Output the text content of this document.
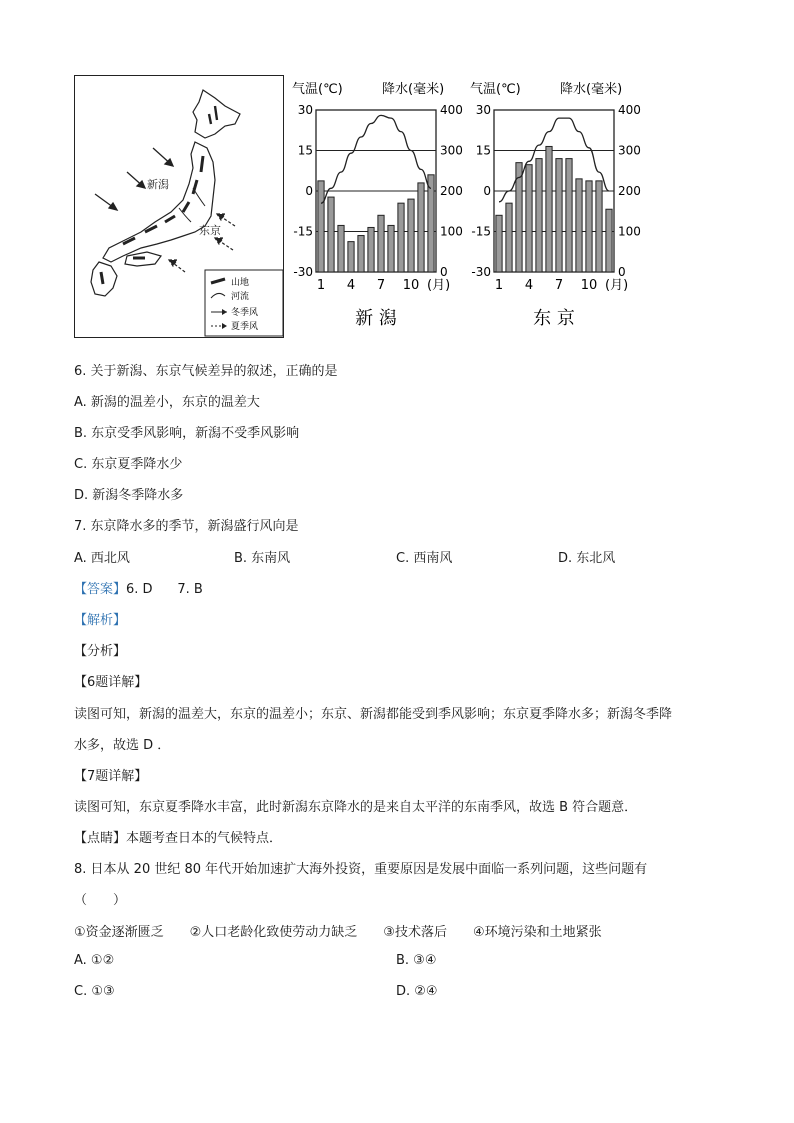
新潟
东京
山地
河流
冬季风
夏季风
气温(℃)	降水(毫米)
30
15
0
-15
-30
400
300
200
100
0
1 4 7 10 (月)
新 潟
气温(℃)	降水(毫米)
30
15
0
-15
-30
400
300
200
100
0
1 4 7 10 (月)
东 京
6. 关于新潟、东京气候差异的叙述，正确的是
A. 新潟的温差小，东京的温差大
B. 东京受季风影响，新潟不受季风影响
C. 东京夏季降水少
D. 新潟冬季降水多
7. 东京降水多的季节，新潟盛行风向是
A. 西北风	B. 东南风	C. 西南风	D. 东北风
【答案】6. D      7. B
【解析】
【分析】
【6题详解】
读图可知，新潟的温差大，东京的温差小；东京、新潟都能受到季风影响；东京夏季降水多；新潟冬季降
水多，故选 D ．
【7题详解】
读图可知，东京夏季降水丰富，此时新潟东京降水的是来自太平洋的东南季风，故选 B 符合题意．
【点睛】本题考查日本的气候特点．
8. 日本从 20 世纪 80 年代开始加速扩大海外投资，重要原因是发展中面临一系列问题，这些问题有
（　　）
①资金逐渐匮乏　　②人口老龄化致使劳动力缺乏　　③技术落后　　④环境污染和土地紧张
A. ①②	B. ③④
C. ①③	D. ②④
